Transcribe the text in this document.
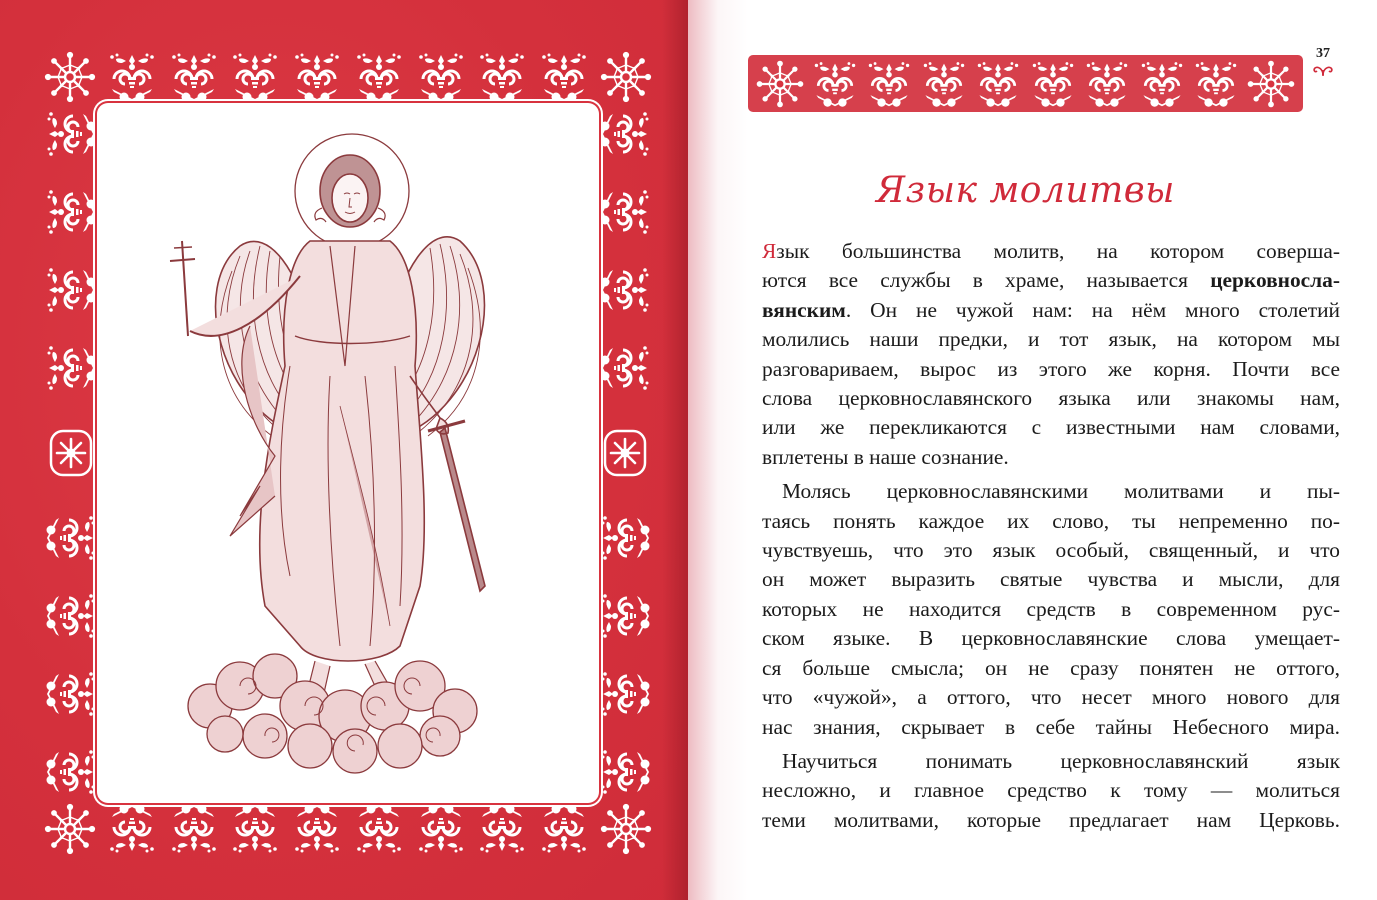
37
Язык молитвы
Язык большинства молитв, на котором соверша-
ются все службы в храме, называется церковносла-
вянским. Он не чужой нам: на нём много столетий
молились наши предки, и тот язык, на котором мы
разговариваем, вырос из этого же корня. Почти все
слова церковнославянского языка или знакомы нам,
или же перекликаются с известными нам словами,
вплетены в наше сознание.
Молясь церковнославянскими молитвами и пы-
таясь понять каждое их слово, ты непременно по-
чувствуешь, что это язык особый, священный, и что
он может выразить святые чувства и мысли, для
которых не находится средств в современном рус-
ском языке. В церковнославянские слова умещает-
ся больше смысла; он не сразу понятен не оттого,
что «чужой», а оттого, что несет много нового для
нас знания, скрывает в себе тайны Небесного мира.
Научиться понимать церковнославянский язык
несложно, и главное средство к тому — молиться
теми молитвами, которые предлагает нам Церковь.
